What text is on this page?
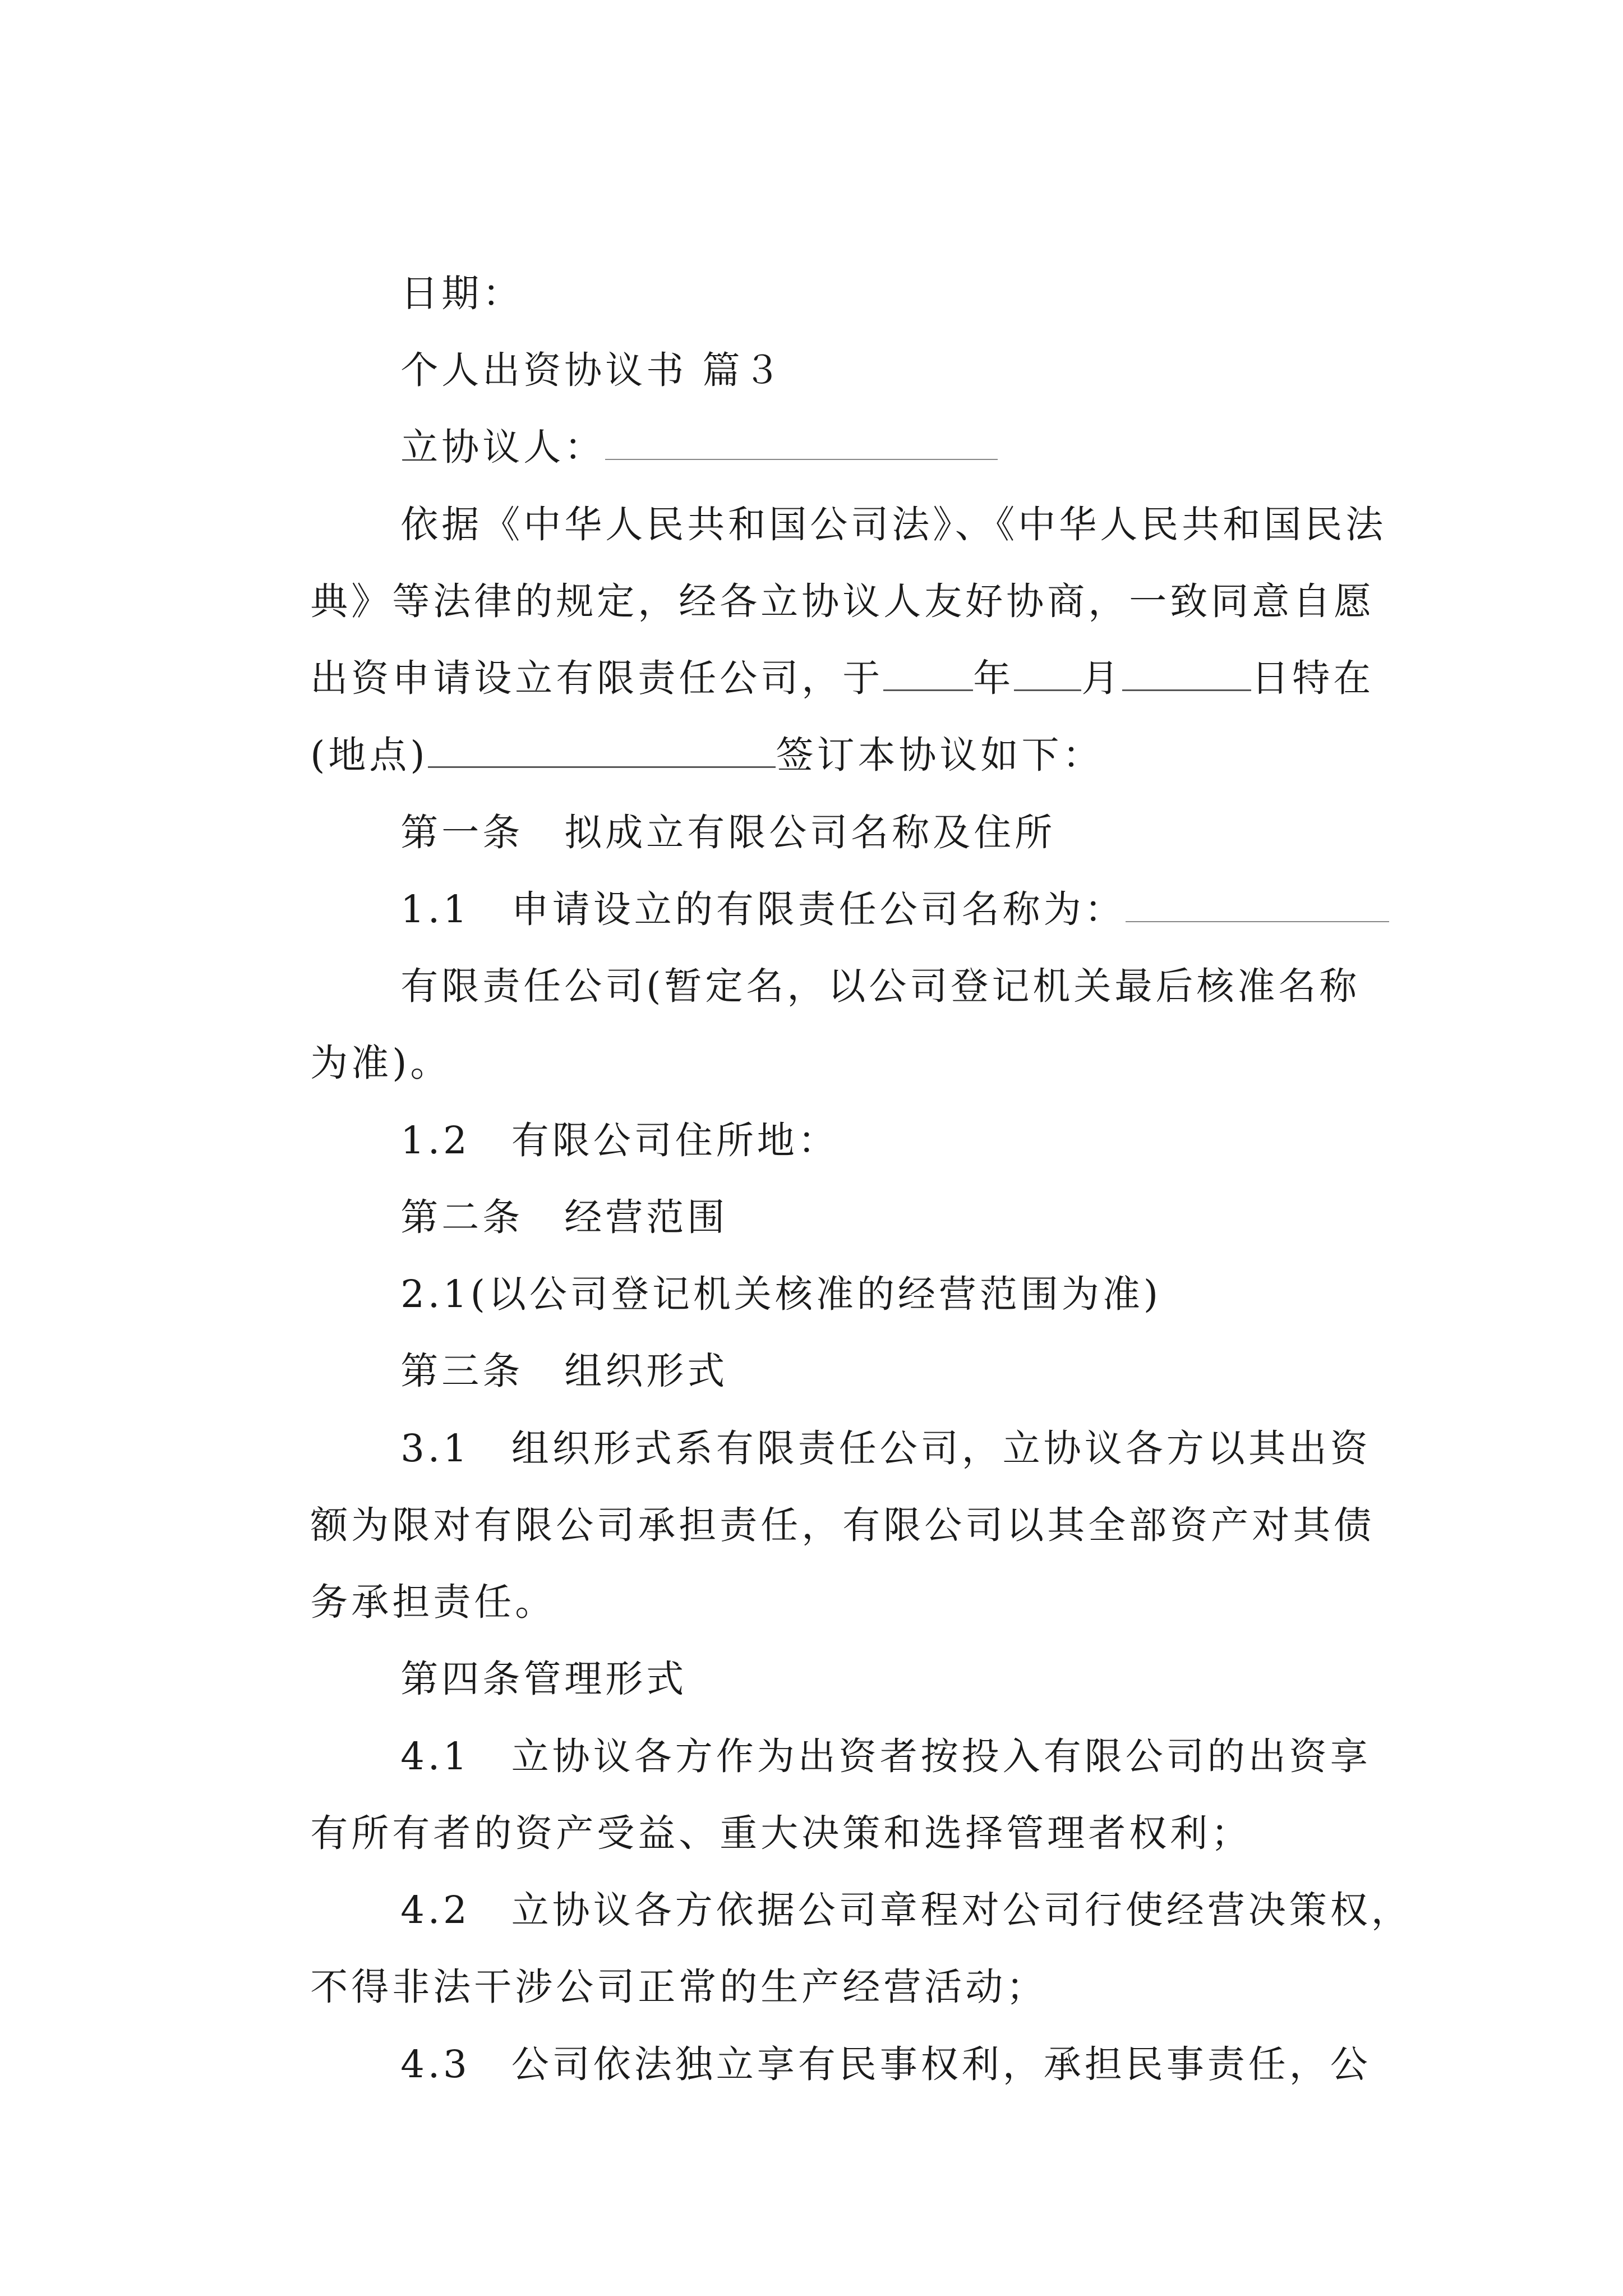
日期：

个人出资协议书 篇３

立协议人：

依据《中华人民共和国公司法》、《中华人民共和国民法

典》等法律的规定，经各立协议人友好协商，一致同意自愿

出资申请设立有限责任公司，于 年 月	日特在

(地点)	签订本协议如下：

第一条　拟成立有限公司名称及住所

1.1　申请设立的有限责任公司名称为：

有限责任公司(暂定名，以公司登记机关最后核准名称

为准)。

1.2　有限公司住所地：

第二条　经营范围

2.1(以公司登记机关核准的经营范围为准)

第三条　组织形式

3.1　组织形式系有限责任公司，立协议各方以其出资

额为限对有限公司承担责任，有限公司以其全部资产对其债

务承担责任。

第四条管理形式

4.1　立协议各方作为出资者按投入有限公司的出资享

有所有者的资产受益、重大决策和选择管理者权利；

4.2　立协议各方依据公司章程对公司行使经营决策权，

不得非法干涉公司正常的生产经营活动；

4.3　公司依法独立享有民事权利，承担民事责任，公
